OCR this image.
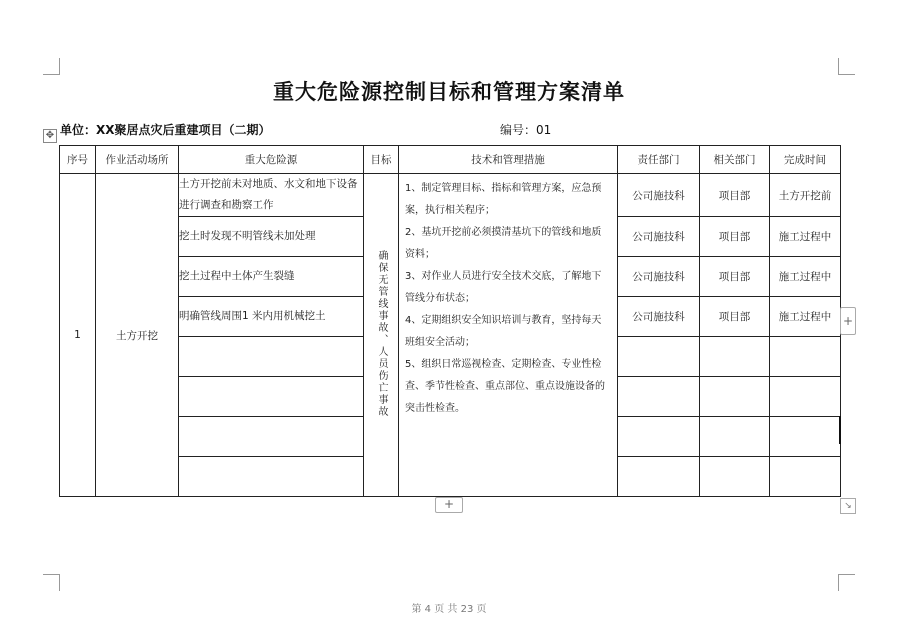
重大危险源控制目标和管理方案清单
单位：XX聚居点灾后重建项目（二期）	编号：01
✥
序号	作业活动场所	重大危险源	目标	技术和管理措施	责任部门	相关部门	完成时间
1	土方开挖	土方开挖前未对地质、水文和地下设备进行调查和勘察工作	确保无管线事故、人员伤亡事故	1、制定管理目标、指标和管理方案，应急预案，执行相关程序；
2、基坑开挖前必须摸清基坑下的管线和地质资料；
3、对作业人员进行安全技术交底，了解地下管线分布状态；
4、定期组织安全知识培训与教育，坚持每天班组安全活动；
5、组织日常巡视检查、定期检查、专业性检查、季节性检查、重点部位、重点设施设备的突击性检查。	公司施技科	项目部	土方开挖前
		挖土时发现不明管线未加处理			公司施技科	项目部	施工过程中
		挖土过程中土体产生裂缝			公司施技科	项目部	施工过程中
		明确管线周围1 米内用机械挖土			公司施技科	项目部	施工过程中

			+
+	↘
第 4 页 共 23 页
